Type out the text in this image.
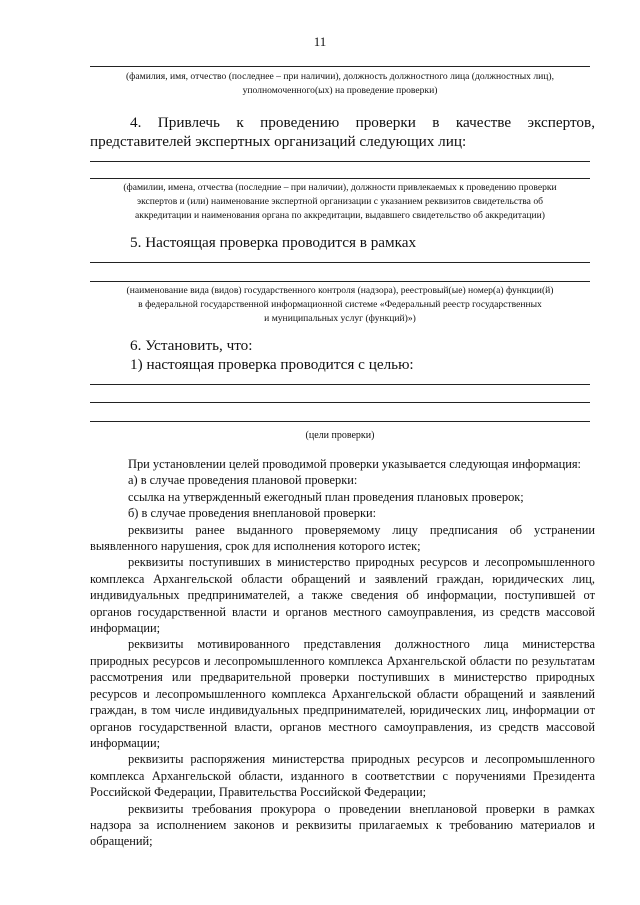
11
(фамилия, имя, отчество (последнее – при наличии), должность должностного лица (должностных лиц),
уполномоченного(ых) на проведение проверки)
4. Привлечь к проведению проверки в качестве экспертов,
представителей экспертных организаций следующих лиц:
(фамилии, имена, отчества (последние – при наличии), должности привлекаемых к проведению проверки
экспертов и (или) наименование экспертной организации с указанием реквизитов свидетельства об
аккредитации и наименования органа по аккредитации, выдавшего свидетельство об аккредитации)
5. Настоящая проверка проводится в рамках
(наименование вида (видов) государственного контроля (надзора), реестровый(ые) номер(а) функции(й)
в федеральной государственной информационной системе «Федеральный реестр государственных
и муниципальных услуг (функций)»)
6. Установить, что:
1) настоящая проверка проводится с целью:
(цели проверки)

При установлении целей проводимой проверки указывается следующая информация:

а) в случае проведения плановой проверки:

ссылка на утвержденный ежегодный план проведения плановых проверок;

б) в случае проведения внеплановой проверки:

реквизиты ранее выданного проверяемому лицу предписания об устранении выявленного нарушения, срок для исполнения которого истек;

реквизиты поступивших в министерство природных ресурсов и лесопромышленного комплекса Архангельской области обращений и заявлений граждан, юридических лиц, индивидуальных предпринимателей, а также сведения об информации, поступившей от органов государственной власти и органов местного самоуправления, из средств массовой информации;

реквизиты мотивированного представления должностного лица министерства природных ресурсов и лесопромышленного комплекса Архангельской области по результатам рассмотрения или предварительной проверки поступивших в министерство природных ресурсов и лесопромышленного комплекса Архангельской области обращений и заявлений граждан, в том числе индивидуальных предпринимателей, юридических лиц, информации от органов государственной власти, органов местного самоуправления, из средств массовой информации;

реквизиты распоряжения министерства природных ресурсов и лесопромышленного комплекса Архангельской области, изданного в соответствии с поручениями Президента Российской Федерации, Правительства Российской Федерации;

реквизиты требования прокурора о проведении внеплановой проверки в рамках надзора за исполнением законов и реквизиты прилагаемых к требованию материалов и обращений;
